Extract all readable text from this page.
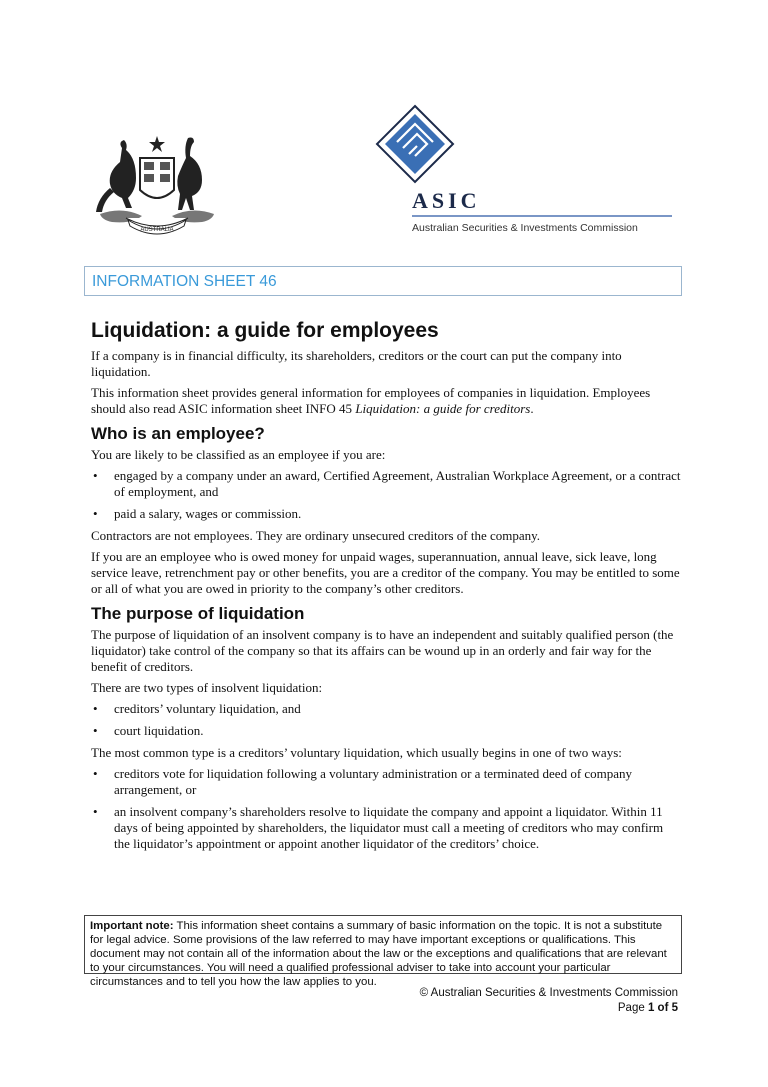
AUSTRALIA
ASIC
Australian Securities & Investments Commission
INFORMATION SHEET 46
Liquidation: a guide for employees

If a company is in financial difficulty, its shareholders, creditors or the court can put the company into liquidation.

This information sheet provides general information for employees of companies in liquidation. Employees should also read ASIC information sheet INFO 45 Liquidation: a guide for creditors.

Who is an employee?

You are likely to be classified as an employee if you are:

• engaged by a company under an award, Certified Agreement, Australian Workplace Agreement, or a contract of employment, and
• paid a salary, wages or commission.

Contractors are not employees. They are ordinary unsecured creditors of the company.

If you are an employee who is owed money for unpaid wages, superannuation, annual leave, sick leave, long service leave, retrenchment pay or other benefits, you are a creditor of the company. You may be entitled to some or all of what you are owed in priority to the company’s other creditors.

The purpose of liquidation

The purpose of liquidation of an insolvent company is to have an independent and suitably qualified person (the liquidator) take control of the company so that its affairs can be wound up in an orderly and fair way for the benefit of creditors.

There are two types of insolvent liquidation:

• creditors’ voluntary liquidation, and
• court liquidation.

The most common type is a creditors’ voluntary liquidation, which usually begins in one of two ways:

• creditors vote for liquidation following a voluntary administration or a terminated deed of company arrangement, or
• an insolvent company’s shareholders resolve to liquidate the company and appoint a liquidator. Within 11 days of being appointed by shareholders, the liquidator must call a meeting of creditors who may confirm the liquidator’s appointment or appoint another liquidator of the creditors’ choice.

Important note: This information sheet contains a summary of basic information on the topic. It is not a substitute for legal advice. Some provisions of the law referred to may have important exceptions or qualifications. This document may not contain all of the information about the law or the exceptions and qualifications that are relevant to your circumstances. You will need a qualified professional adviser to take into account your particular circumstances and to tell you how the law applies to you.

© Australian Securities & Investments Commission
Page 1 of 5
